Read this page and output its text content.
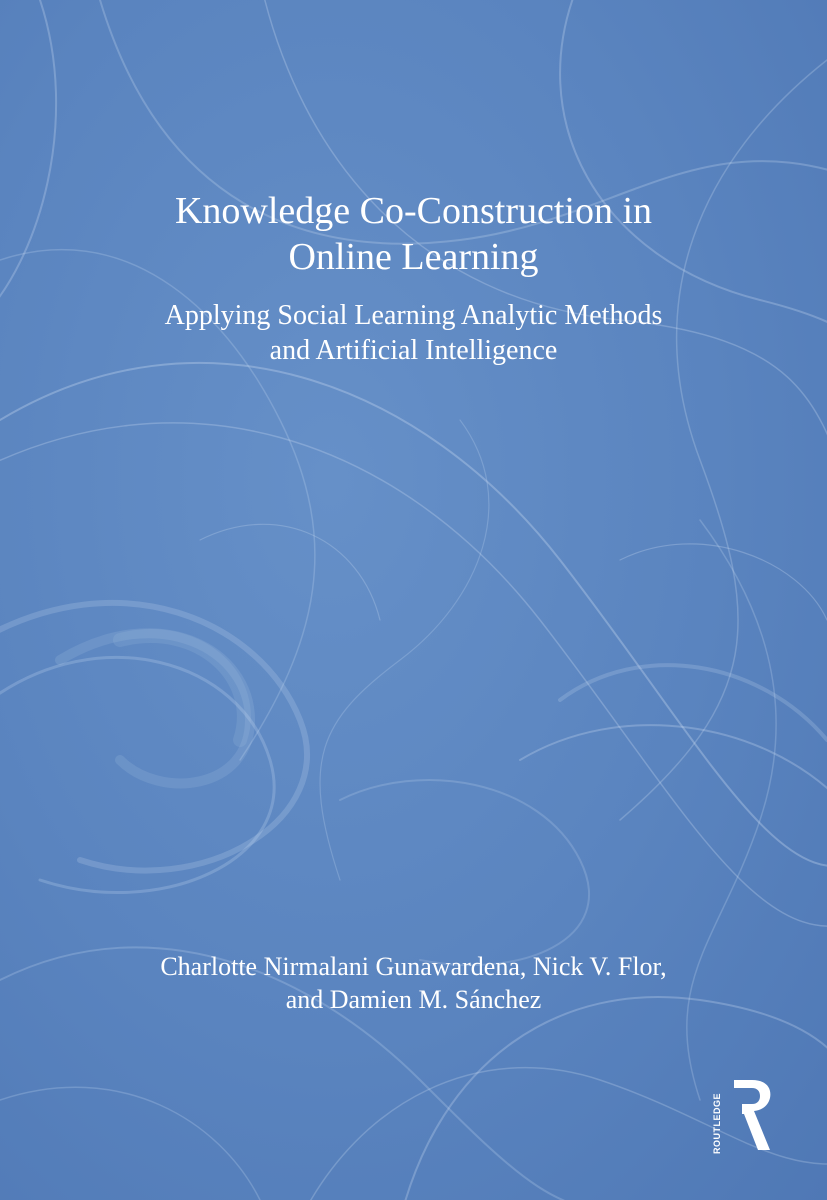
Knowledge Co-Construction in
Online Learning
Applying Social Learning Analytic Methods
and Artificial Intelligence
Charlotte Nirmalani Gunawardena, Nick V. Flor,
and Damien M. Sánchez
ROUTLEDGE
